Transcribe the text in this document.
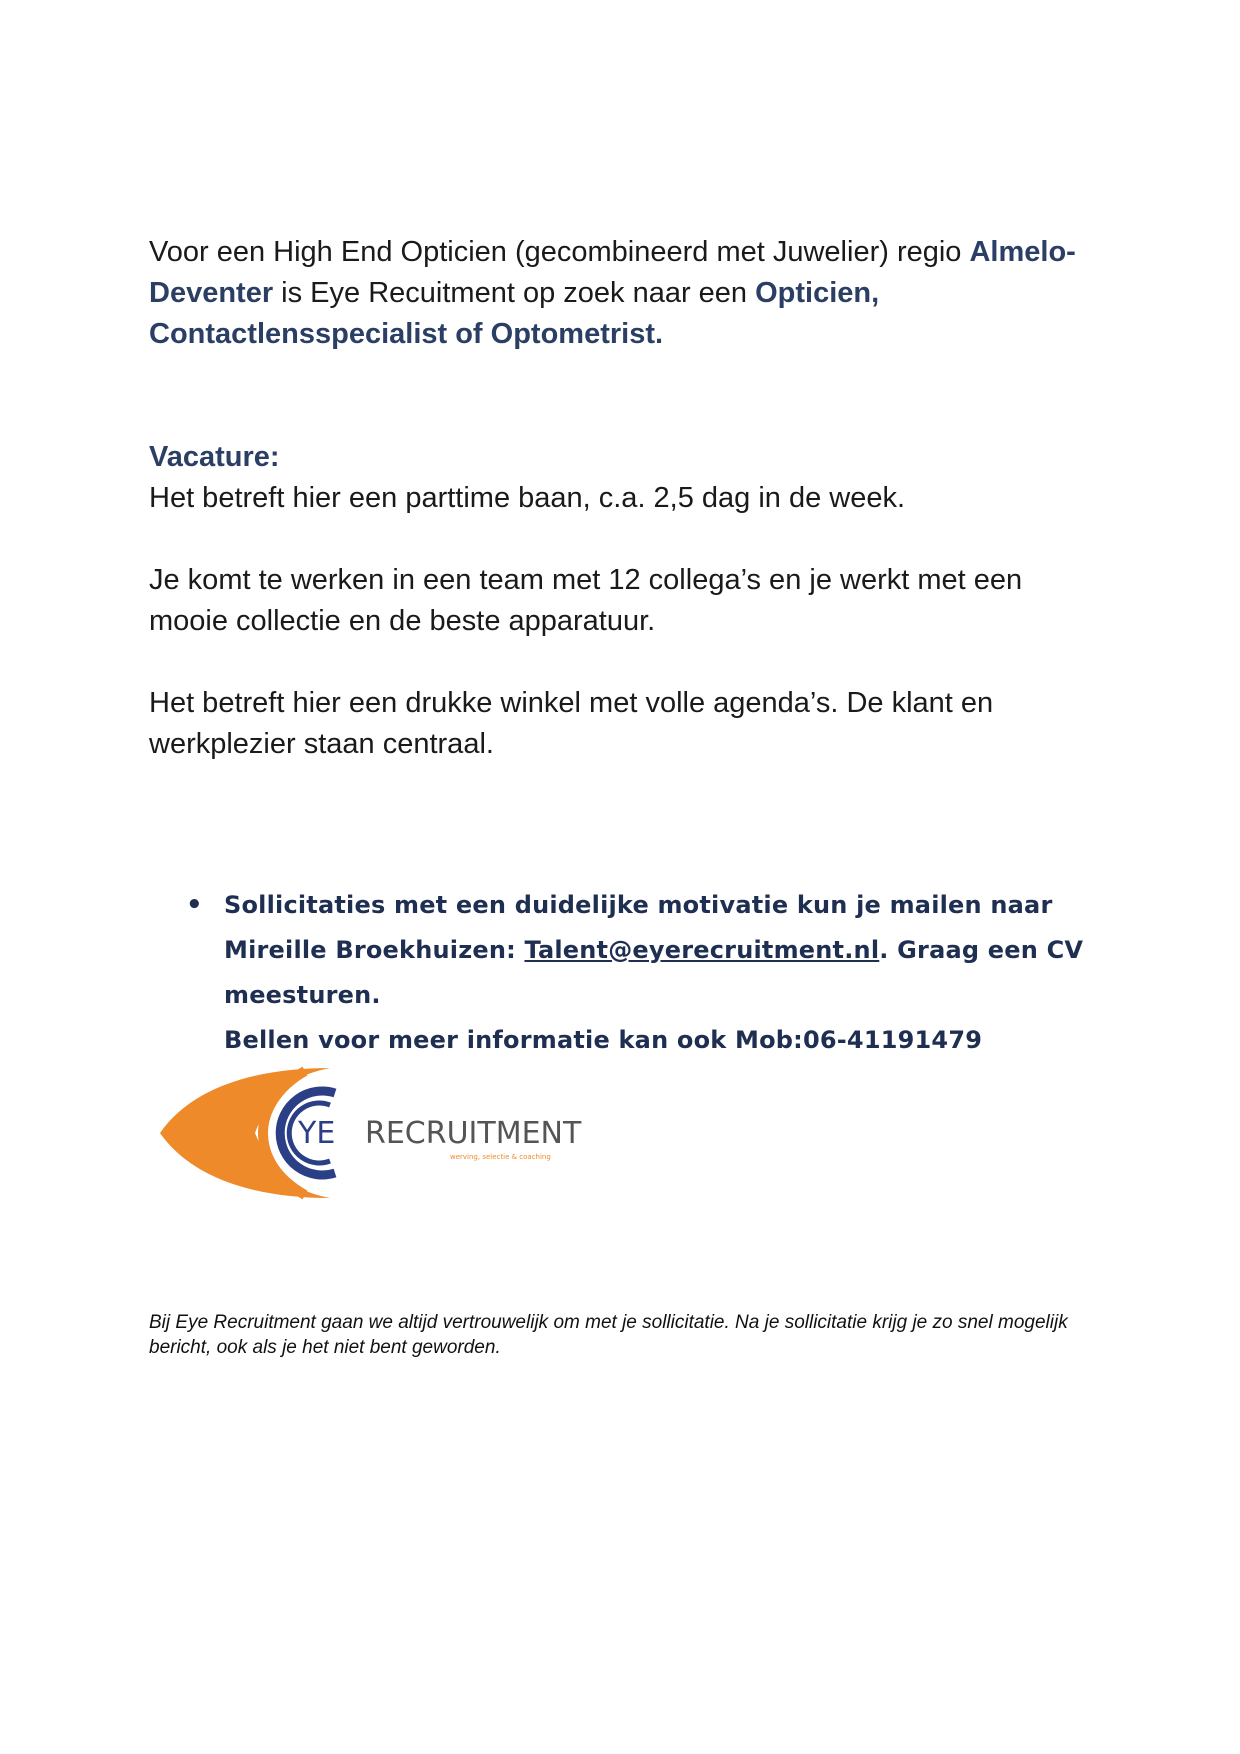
Voor een High End Opticien (gecombineerd met Juwelier) regio Almelo-Deventer is Eye Recuitment op zoek naar een Opticien, Contactlensspecialist of Optometrist.
Vacature:
Het betreft hier een parttime baan, c.a. 2,5 dag in de week.
Je komt te werken in een team met 12 collega’s en je werkt met een mooie collectie en de beste apparatuur.
Het betreft hier een drukke winkel met volle agenda’s. De klant en werkplezier staan centraal.
• Sollicitaties met een duidelijke motivatie kun je mailen naar Mireille Broekhuizen: Talent@eyerecruitment.nl. Graag een CV meesturen.
Bellen voor meer informatie kan ook Mob:06-41191479
YE RECRUITMENT
werving, selectie & coaching
Bij Eye Recruitment gaan we altijd vertrouwelijk om met je sollicitatie. Na je sollicitatie krijg je zo snel mogelijk bericht, ook als je het niet bent geworden.
